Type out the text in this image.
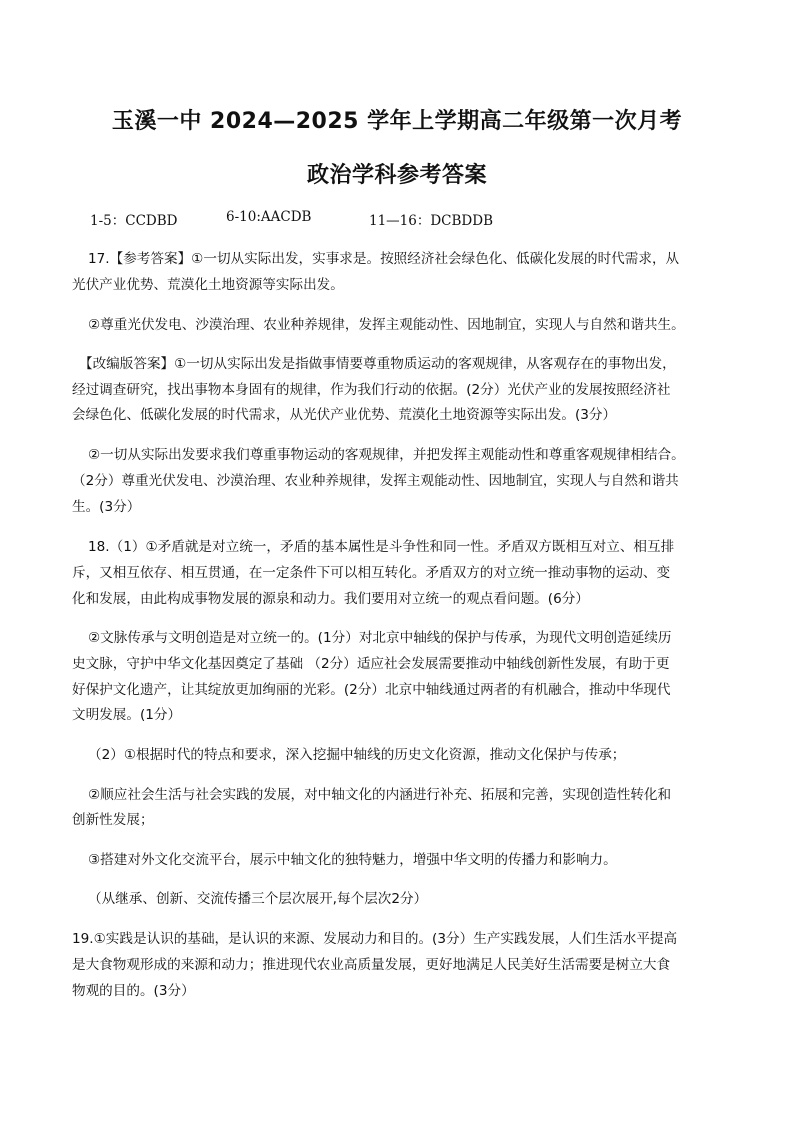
玉溪一中 2024—2025 学年上学期高二年级第一次月考
政治学科参考答案
1-5：CCDBD	6-10:AACDB	11—16：DCBDDB
17.【参考答案】①一切从实际出发，实事求是。按照经济社会绿色化、低碳化发展的时代需求，从
光伏产业优势、荒漠化土地资源等实际出发。
②尊重光伏发电、沙漠治理、农业种养规律，发挥主观能动性、因地制宜，实现人与自然和谐共生。
【改编版答案】①一切从实际出发是指做事情要尊重物质运动的客观规律，从客观存在的事物出发，
经过调查研究，找出事物本身固有的规律，作为我们行动的依据。(2分）光伏产业的发展按照经济社
会绿色化、低碳化发展的时代需求，从光伏产业优势、荒漠化土地资源等实际出发。(3分）
②一切从实际出发要求我们尊重事物运动的客观规律，并把发挥主观能动性和尊重客观规律相结合。
（2分）尊重光伏发电、沙漠治理、农业种养规律，发挥主观能动性、因地制宜，实现人与自然和谐共
生。(3分）
18.（1）①矛盾就是对立统一，矛盾的基本属性是斗争性和同一性。矛盾双方既相互对立、相互排
斥，又相互依存、相互贯通，在一定条件下可以相互转化。矛盾双方的对立统一推动事物的运动、变
化和发展，由此构成事物发展的源泉和动力。我们要用对立统一的观点看问题。(6分）
②文脉传承与文明创造是对立统一的。(1分）对北京中轴线的保护与传承，为现代文明创造延续历
史文脉，守护中华文化基因奠定了基础 （2分）适应社会发展需要推动中轴线创新性发展，有助于更
好保护文化遗产，让其绽放更加绚丽的光彩。(2分）北京中轴线通过两者的有机融合，推动中华现代
文明发展。(1分）
（2）①根据时代的特点和要求，深入挖掘中轴线的历史文化资源，推动文化保护与传承；
②顺应社会生活与社会实践的发展，对中轴文化的内涵进行补充、拓展和完善，实现创造性转化和
创新性发展；
③搭建对外文化交流平台，展示中轴文化的独特魅力，增强中华文明的传播力和影响力。
（从继承、创新、交流传播三个层次展开,每个层次2分）
19.①实践是认识的基础，是认识的来源、发展动力和目的。(3分）生产实践发展，人们生活水平提高
是大食物观形成的来源和动力；推进现代农业高质量发展，更好地满足人民美好生活需要是树立大食
物观的目的。(3分）
